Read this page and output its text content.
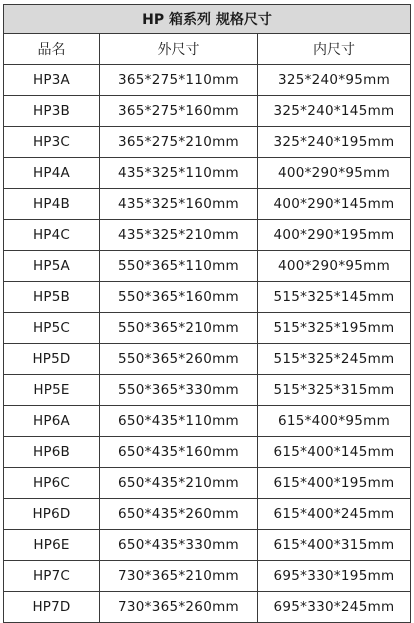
HP 箱系列 规格尺寸		
品名	外尺寸	内尺寸
HP3A	365*275*110mm	325*240*95mm
HP3B	365*275*160mm	325*240*145mm
HP3C	365*275*210mm	325*240*195mm
HP4A	435*325*110mm	400*290*95mm
HP4B	435*325*160mm	400*290*145mm
HP4C	435*325*210mm	400*290*195mm
HP5A	550*365*110mm	400*290*95mm
HP5B	550*365*160mm	515*325*145mm
HP5C	550*365*210mm	515*325*195mm
HP5D	550*365*260mm	515*325*245mm
HP5E	550*365*330mm	515*325*315mm
HP6A	650*435*110mm	615*400*95mm
HP6B	650*435*160mm	615*400*145mm
HP6C	650*435*210mm	615*400*195mm
HP6D	650*435*260mm	615*400*245mm
HP6E	650*435*330mm	615*400*315mm
HP7C	730*365*210mm	695*330*195mm
HP7D	730*365*260mm	695*330*245mm
